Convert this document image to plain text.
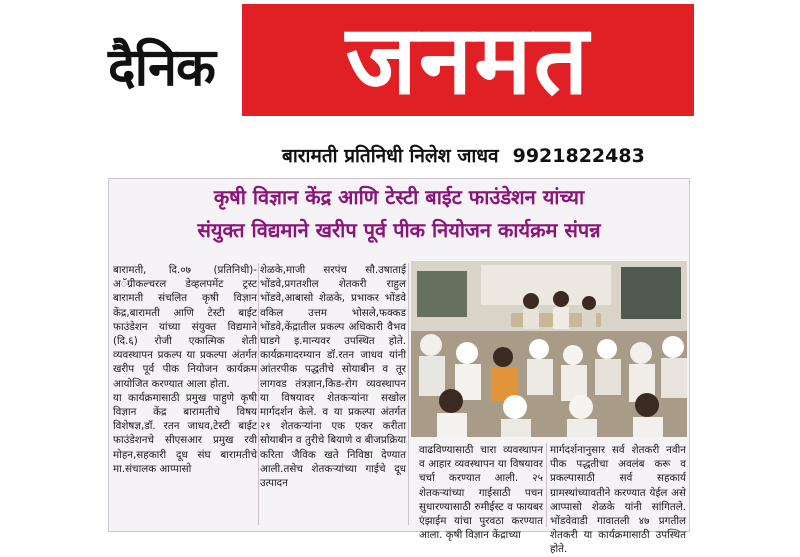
दैनिक	जनमत
बारामती प्रतिनिधी निलेश जाधव 9921822483
कृषी विज्ञान केंद्र आणि टेस्टी बाईट फाउंडेशन यांच्या
संयुक्त विद्यमाने खरीप पूर्व पीक नियोजन कार्यक्रम संपन्न

बारामती, दि.०७ (प्रतिनिधी)- अॅग्रीकल्चरल डेव्हलपमेंट ट्रस्ट बारामती संचलित कृषी विज्ञान केंद्र,बारामती आणि टेस्टी बाईट फाउंडेशन यांच्या संयुक्त विद्यमाने (दि.६) रोजी एकात्मिक शेती व्यवस्थापन प्रकल्प या प्रकल्पा अंतर्गत खरीप पूर्व पीक नियोजन कार्यक्रम आयोजित करण्यात आला होता.

या कार्यक्रमासाठी प्रमुख पाहुणे कृषी विज्ञान केंद्र बारामतीचे विषय विशेषज्ञ,डॉ. रतन जाधव,टेस्टी बाईट फाउंडेशनचे सीएसआर प्रमुख रवी मोहन,सहकारी दूध संघ बारामतीचे मा.संचालक आप्पासो

शेळके,माजी सरपंच सौ.उषाताई भोंडवे,प्रगतशील शेतकरी राहुल भोंडवे,आबासो शेळके, प्रभाकर भोंडवे वकिल उत्तम भोसले,फक्कड भोंडवे,केंद्रातील प्रकल्प अधिकारी वैभव घाडगे इ.मान्यवर उपस्थित होते. कार्यक्रमादरम्यान डॉ.रतन जाधव यांनी आंतरपीक पद्धतीचे सोयाबीन व तूर लागवड तंत्रज्ञान,किड-रोग व्यवस्थापन या विषयावर शेतकऱ्यांना सखोल मार्गदर्शन केले. व या प्रकल्पा अंतर्गत २१ शेतकऱ्यांना एक एकर करीता सोयाबीन व तुरीचे बियाणे व बीजप्रक्रिया करिता जैविक खते निविष्ठा देण्यात आली.तसेच शेतकऱ्यांच्या गाईचे दूध उत्पादन

वाढविण्यासाठी चारा व्यवस्थापन व आहार व्यवस्थापन या विषयावर चर्चा करण्यात आली. २५ शेतकऱ्यांच्या गाईसाठी पचन सुधारण्यासाठी रुमीईस्ट व फायबर एंझाईम यांचा पुरवठा करण्यात आला. कृषी विज्ञान केंद्राच्या

मार्गदर्शनानुसार सर्व शेतकरी नवीन पीक पद्धतीचा अवलंब करू व प्रकल्पासाठी सर्व सहकार्य ग्रामस्थांच्यावतीने करण्यात येईल असे आप्पासो शेळके यांनी सांगितले. भोंडवेवाडी गावातली ४७ प्रगतील शेतकरी या कार्यक्रमासाठी उपस्थित होते.
